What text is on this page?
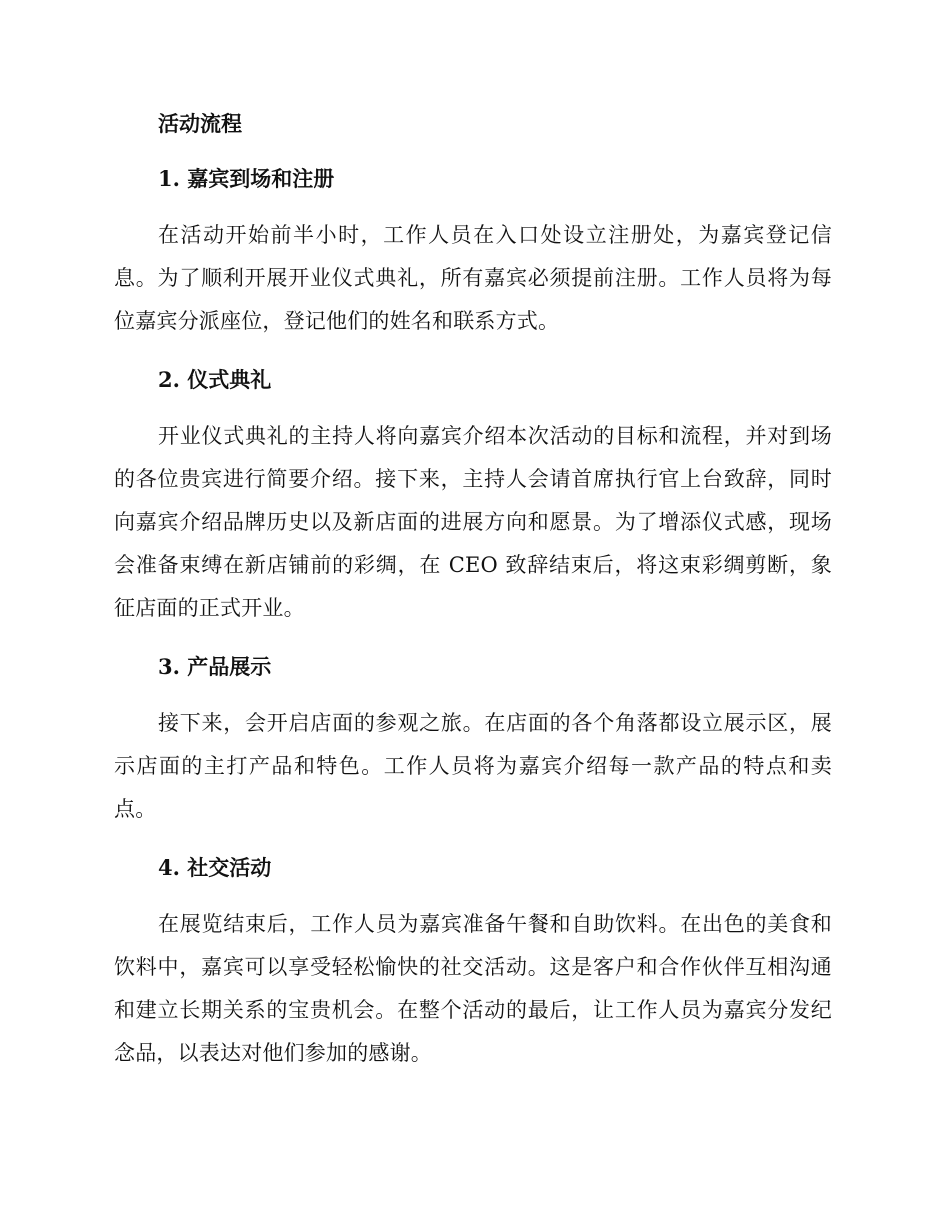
活动流程
1. 嘉宾到场和注册

在活动开始前半小时，工作人员在入口处设立注册处，为嘉宾登记信息。为了顺利开展开业仪式典礼，所有嘉宾必须提前注册。工作人员将为每位嘉宾分派座位，登记他们的姓名和联系方式。

2. 仪式典礼

开业仪式典礼的主持人将向嘉宾介绍本次活动的目标和流程，并对到场的各位贵宾进行简要介绍。接下来，主持人会请首席执行官上台致辞，同时向嘉宾介绍品牌历史以及新店面的进展方向和愿景。为了增添仪式感，现场会准备束缚在新店铺前的彩绸，在 CEO 致辞结束后，将这束彩绸剪断，象征店面的正式开业。

3. 产品展示

接下来，会开启店面的参观之旅。在店面的各个角落都设立展示区，展示店面的主打产品和特色。工作人员将为嘉宾介绍每一款产品的特点和卖点。

4. 社交活动

在展览结束后，工作人员为嘉宾准备午餐和自助饮料。在出色的美食和饮料中，嘉宾可以享受轻松愉快的社交活动。这是客户和合作伙伴互相沟通和建立长期关系的宝贵机会。在整个活动的最后，让工作人员为嘉宾分发纪念品，以表达对他们参加的感谢。
